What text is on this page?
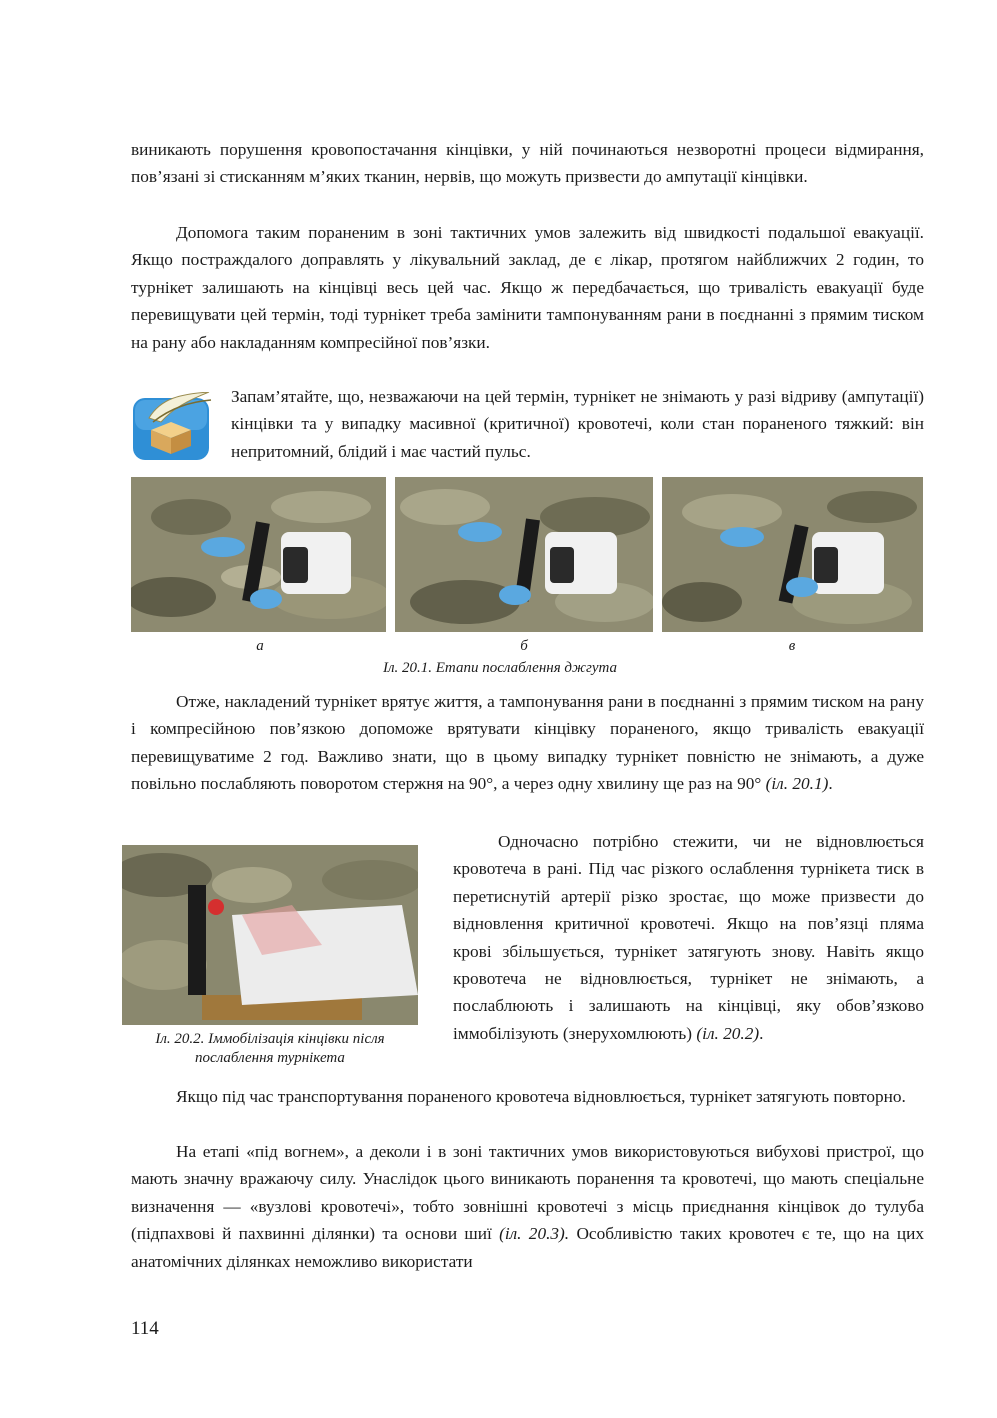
виникають порушення кровопостачання кінцівки, у ній починаються незворотні процеси відмирання, пов’язані зі стисканням м’яких тканин, нервів, що можуть призвести до ампутації кінцівки.

Допомога таким пораненим в зоні тактичних умов залежить від швидкості подальшої евакуації. Якщо постраждалого доправлять у лікувальний заклад, де є лікар, протягом найближчих 2 годин, то турнікет залишають на кінцівці весь цей час. Якщо ж передбачається, що тривалість евакуації буде перевищувати цей термін, тоді турнікет треба замінити тампонуванням рани в поєднанні з прямим тиском на рану або накладанням компресійної пов’язки.

Запам’ятайте, що, незважаючи на цей термін, турнікет не знімають у разі відриву (ампутації) кінцівки та у випадку масивної (критичної) кровотечі, коли стан пораненого тяжкий: він непритомний, блідий і має частий пульс.

а	б	в
Іл. 20.1. Етапи послаблення джгута

Отже, накладений турнікет врятує життя, а тампонування рани в поєднанні з прямим тиском на рану і компресійною пов’язкою допоможе врятувати кінцівку пораненого, якщо тривалість евакуації перевищуватиме 2 год. Важливо знати, що в цьому випадку турнікет повністю не знімають, а дуже повільно послабляють поворотом стержня на 90°, а через одну хвилину ще раз на 90° (іл. 20.1).

Іл. 20.2. Іммобілізація кінцівки після
послаблення турнікета

Одночасно потрібно стежити, чи не відновлюється кровотеча в рані. Під час різкого ослаблення турнікета тиск в перетиснутій артерії різко зростає, що може призвести до відновлення критичної кровотечі. Якщо на пов’язці пляма крові збільшується, турнікет затягують знову. Навіть якщо кровотеча не відновлюється, турнікет не знімають, а послаблюють і залишають на кінцівці, яку обов’язково іммобілізують (знерухомлюють) (іл. 20.2).

Якщо під час транспортування пораненого кровотеча відновлюється, турнікет затягують повторно.

На етапі «під вогнем», а деколи і в зоні тактичних умов використовуються вибухові пристрої, що мають значну вражаючу силу. Унаслідок цього виникають поранення та кровотечі, що мають спеціальне визначення — «вузлові кровотечі», тобто зовнішні кровотечі з місць приєднання кінцівок до тулуба (підпахвові й пахвинні ділянки) та основи шиї (іл. 20.3). Особливістю таких кровотеч є те, що на цих анатомічних ділянках неможливо використати

114
